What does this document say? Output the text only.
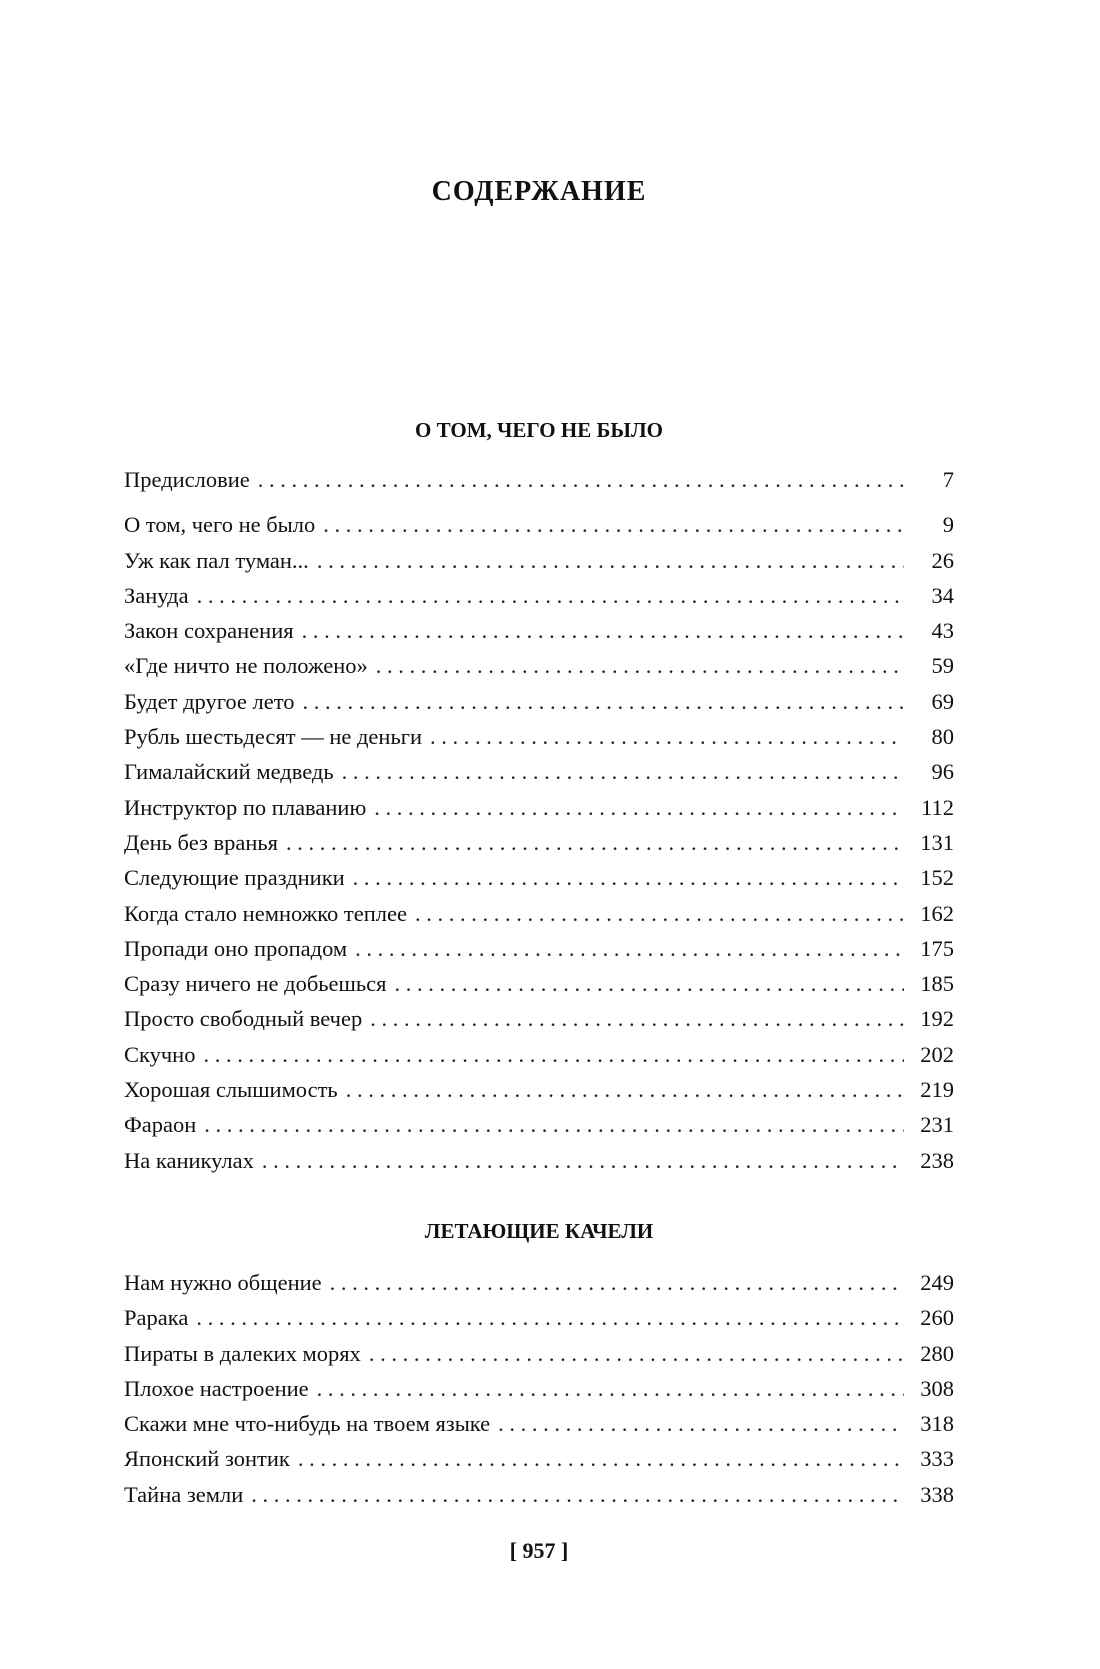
СОДЕРЖАНИЕ
О ТОМ, ЧЕГО НЕ БЫЛО
Предисловие . . .	7
О том, чего не было . . .	9
Уж как пал туман... . . .	26
Зануда . . .	34
Закон сохранения . . .	43
«Где ничто не положено» . . .	59
Будет другое лето . . .	69
Рубль шестьдесят — не деньги . . .	80
Гималайский медведь . . .	96
Инструктор по плаванию . . .	112
День без вранья . . .	131
Следующие праздники . . .	152
Когда стало немножко теплее . . .	162
Пропади оно пропадом . . .	175
Сразу ничего не добьешься . . .	185
Просто свободный вечер . . .	192
Скучно . . .	202
Хорошая слышимость . . .	219
Фараон . . .	231
На каникулах . . .	238
ЛЕТАЮЩИЕ КАЧЕЛИ
Нам нужно общение . . .	249
Рарака . . .	260
Пираты в далеких морях . . .	280
Плохое настроение . . .	308
Скажи мне что-нибудь на твоем языке . . .	318
Японский зонтик . . .	333
Тайна земли . . .	338

[ 957 ]
